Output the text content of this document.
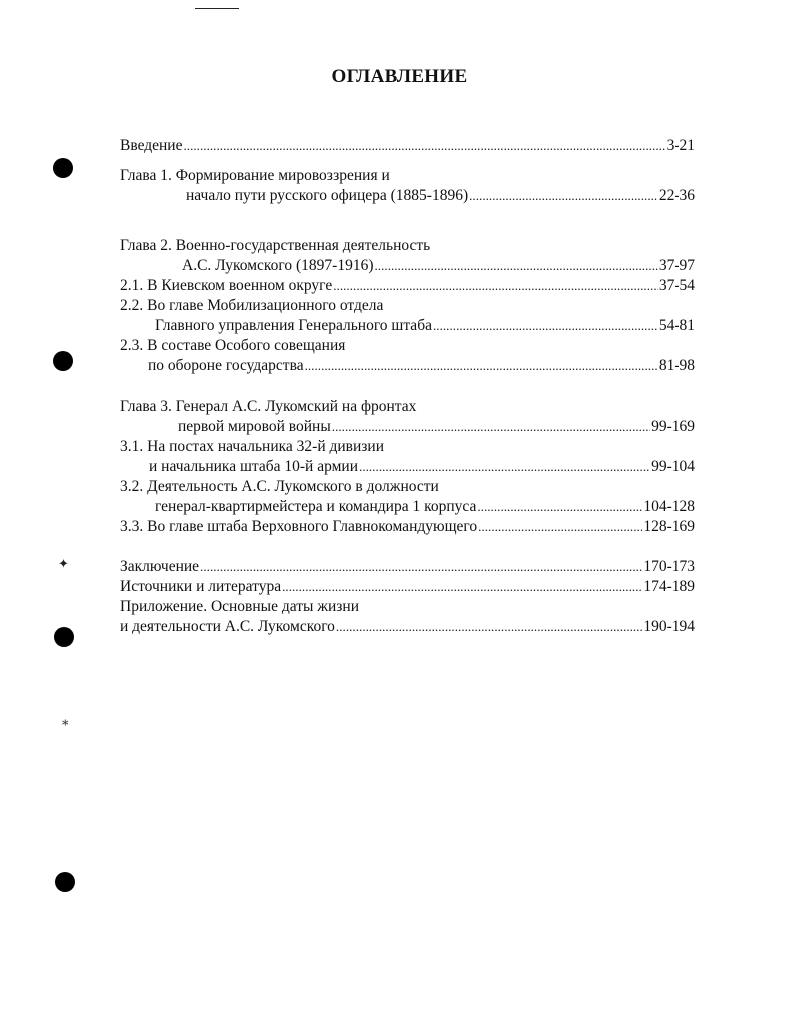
ОГЛАВЛЕНИЕ
Введение . . .	3-21
Глава 1. Формирование мировоззрения и
начало пути русского офицера (1885-1896) . . .	22-36
Глава 2. Военно-государственная деятельность
А.С. Лукомского (1897-1916) . . .	37-97
2.1. В Киевском военном округе . . .	37-54
2.2. Во главе Мобилизационного отдела
Главного управления Генерального штаба . . .	54-81
2.3. В составе Особого совещания
по обороне государства . . .	81-98
Глава 3. Генерал А.С. Лукомский на фронтах
первой мировой войны . . .	99-169
3.1. На постах начальника 32-й дивизии
и начальника штаба 10-й армии . . .	99-104
3.2. Деятельность А.С. Лукомского в должности
генерал-квартирмейстера и командира 1 корпуса . . .	104-128
3.3. Во главе штаба Верховного Главнокомандующего . . .	128-169
Заключение . . .	170-173
Источники и литература . . .	174-189
Приложение. Основные даты жизни
и деятельности А.С. Лукомского . . .	190-194
✦
⁎
